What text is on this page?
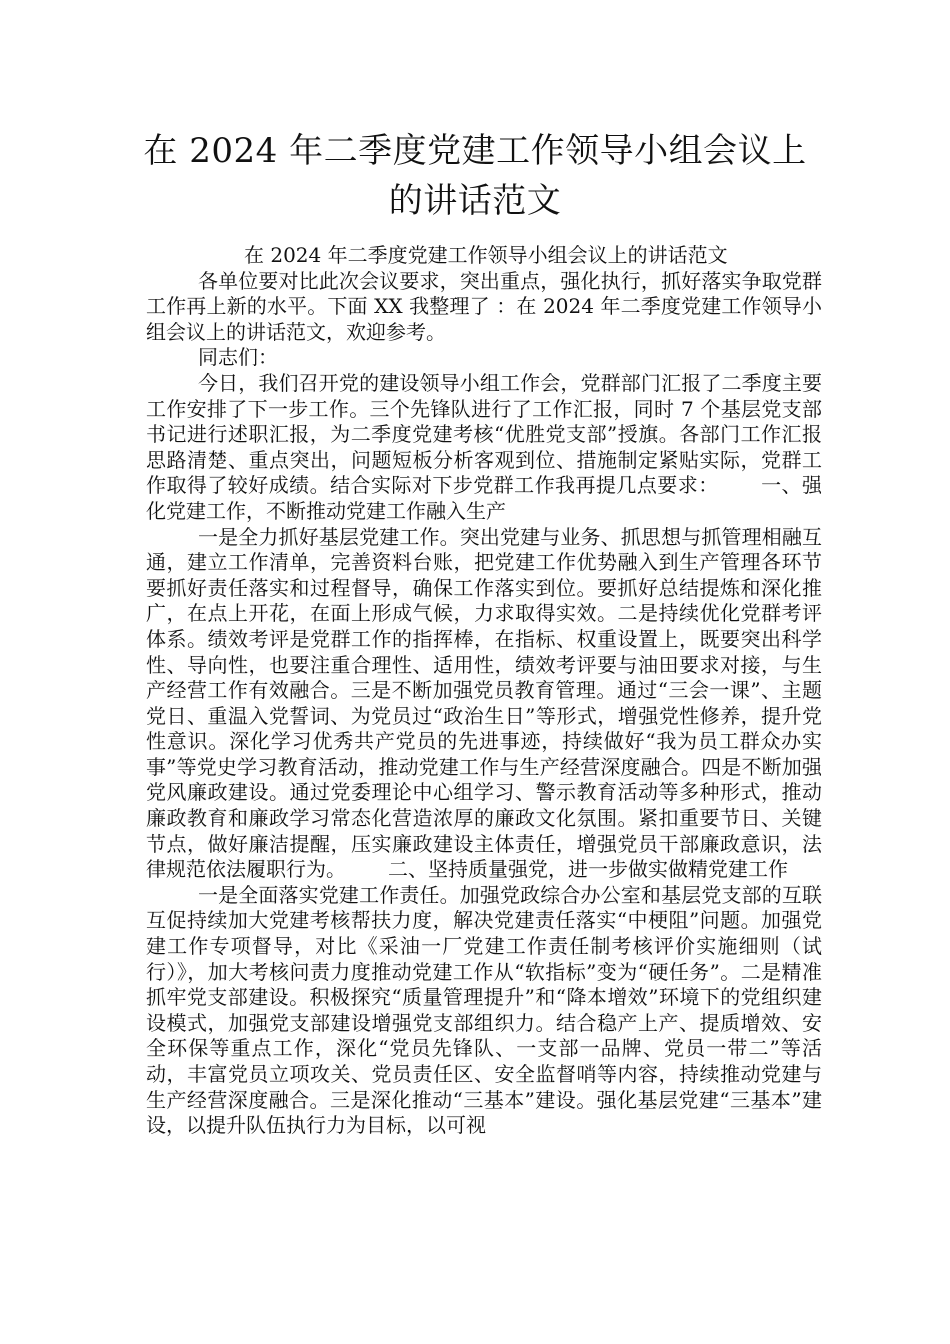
在 2024 年二季度党建工作领导小组会议上
的讲话范文

在 2024 年二季度党建工作领导小组会议上的讲话范文

各单位要对比此次会议要求，突出重点，强化执行，抓好落实争取党群工作再上新的水平。下面 XX 我整理了 ：在 2024 年二季度党建工作领导小组会议上的讲话范文，欢迎参考。

同志们：

今日，我们召开党的建设领导小组工作会，党群部门汇报了二季度主要工作安排了下一步工作。三个先锋队进行了工作汇报，同时 7 个基层党支部书记进行述职汇报，为二季度党建考核“优胜党支部”授旗。各部门工作汇报思路清楚、重点突出，问题短板分析客观到位、措施制定紧贴实际，党群工作取得了较好成绩。结合实际对下步党群工作我再提几点要求： 一、强化党建工作，不断推动党建工作融入生产

一是全力抓好基层党建工作。突出党建与业务、抓思想与抓管理相融互通，建立工作清单，完善资料台账，把党建工作优势融入到生产管理各环节要抓好责任落实和过程督导，确保工作落实到位。要抓好总结提炼和深化推广，在点上开花，在面上形成气候，力求取得实效。二是持续优化党群考评体系。绩效考评是党群工作的指挥棒，在指标、权重设置上，既要突出科学性、导向性，也要注重合理性、适用性，绩效考评要与油田要求对接，与生产经营工作有效融合。三是不断加强党员教育管理。通过“三会一课”、主题党日、重温入党誓词、为党员过“政治生日”等形式，增强党性修养，提升党性意识。深化学习优秀共产党员的先进事迹，持续做好“我为员工群众办实事”等党史学习教育活动，推动党建工作与生产经营深度融合。四是不断加强党风廉政建设。通过党委理论中心组学习、警示教育活动等多种形式，推动廉政教育和廉政学习常态化营造浓厚的廉政文化氛围。紧扣重要节日、关键节点，做好廉洁提醒，压实廉政建设主体责任，增强党员干部廉政意识，法律规范依法履职行为。 二、坚持质量强党，进一步做实做精党建工作

一是全面落实党建工作责任。加强党政综合办公室和基层党支部的互联互促持续加大党建考核帮扶力度，解决党建责任落实“中梗阻”问题。加强党建工作专项督导，对比《采油一厂党建工作责任制考核评价实施细则（试行）》，加大考核问责力度推动党建工作从“软指标”变为“硬任务”。二是精准抓牢党支部建设。积极探究“质量管理提升”和“降本增效”环境下的党组织建设模式，加强党支部建设增强党支部组织力。结合稳产上产、提质增效、安全环保等重点工作，深化“党员先锋队、一支部一品牌、党员一带二”等活动，丰富党员立项攻关、党员责任区、安全监督哨等内容，持续推动党建与生产经营深度融合。三是深化推动“三基本”建设。强化基层党建“三基本”建设，以提升队伍执行力为目标，以可视
